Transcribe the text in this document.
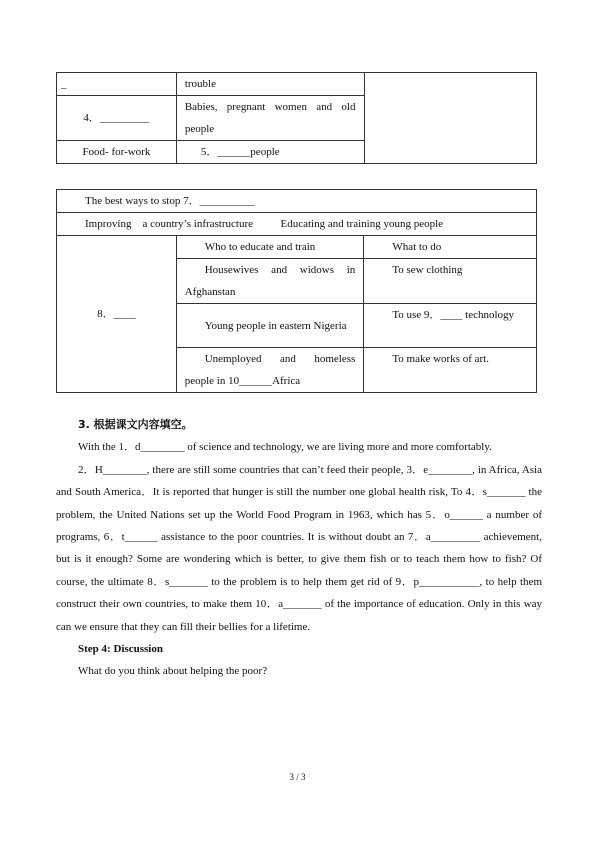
_	trouble	
4．_________	Babies, pregnant women and old people	
Food- for-work	5．______people	
The best ways to stop 7．__________		
Improving    a country’s infrastructure          Educating and training young people		
8．____	Who to educate and train	What to do
	Housewives and widows in Afghanstan	To sew clothing
	Young people in eastern Nigeria	To use 9．____ technology
	Unemployed and homeless people in 10______Africa	To make works of art.

3. 根据课文内容填空。

With the 1．d________ of science and technology, we are living more and more comfortably.

2．H________, there are still some countries that can’t feed their people, 3．e________, in Africa, Asia and South America．It is reported that hunger is still the number one global health risk, To 4．s_______ the problem, the United Nations set up the World Food Program in 1963, which has 5．o______ a number of programs, 6．t______ assistance to the poor countries. It is without doubt an 7．a_________ achievement, but is it enough? Some are wondering which is better, to give them fish or to teach them how to fish? Of course, the ultimate 8．s_______ to the problem is to help them get rid of 9．p___________, to help them construct their own countries, to make them 10．a_______ of the importance of education. Only in this way can we ensure that they can fill their bellies for a lifetime.

Step 4: Discussion

What do you think about helping the poor?

3 / 3
